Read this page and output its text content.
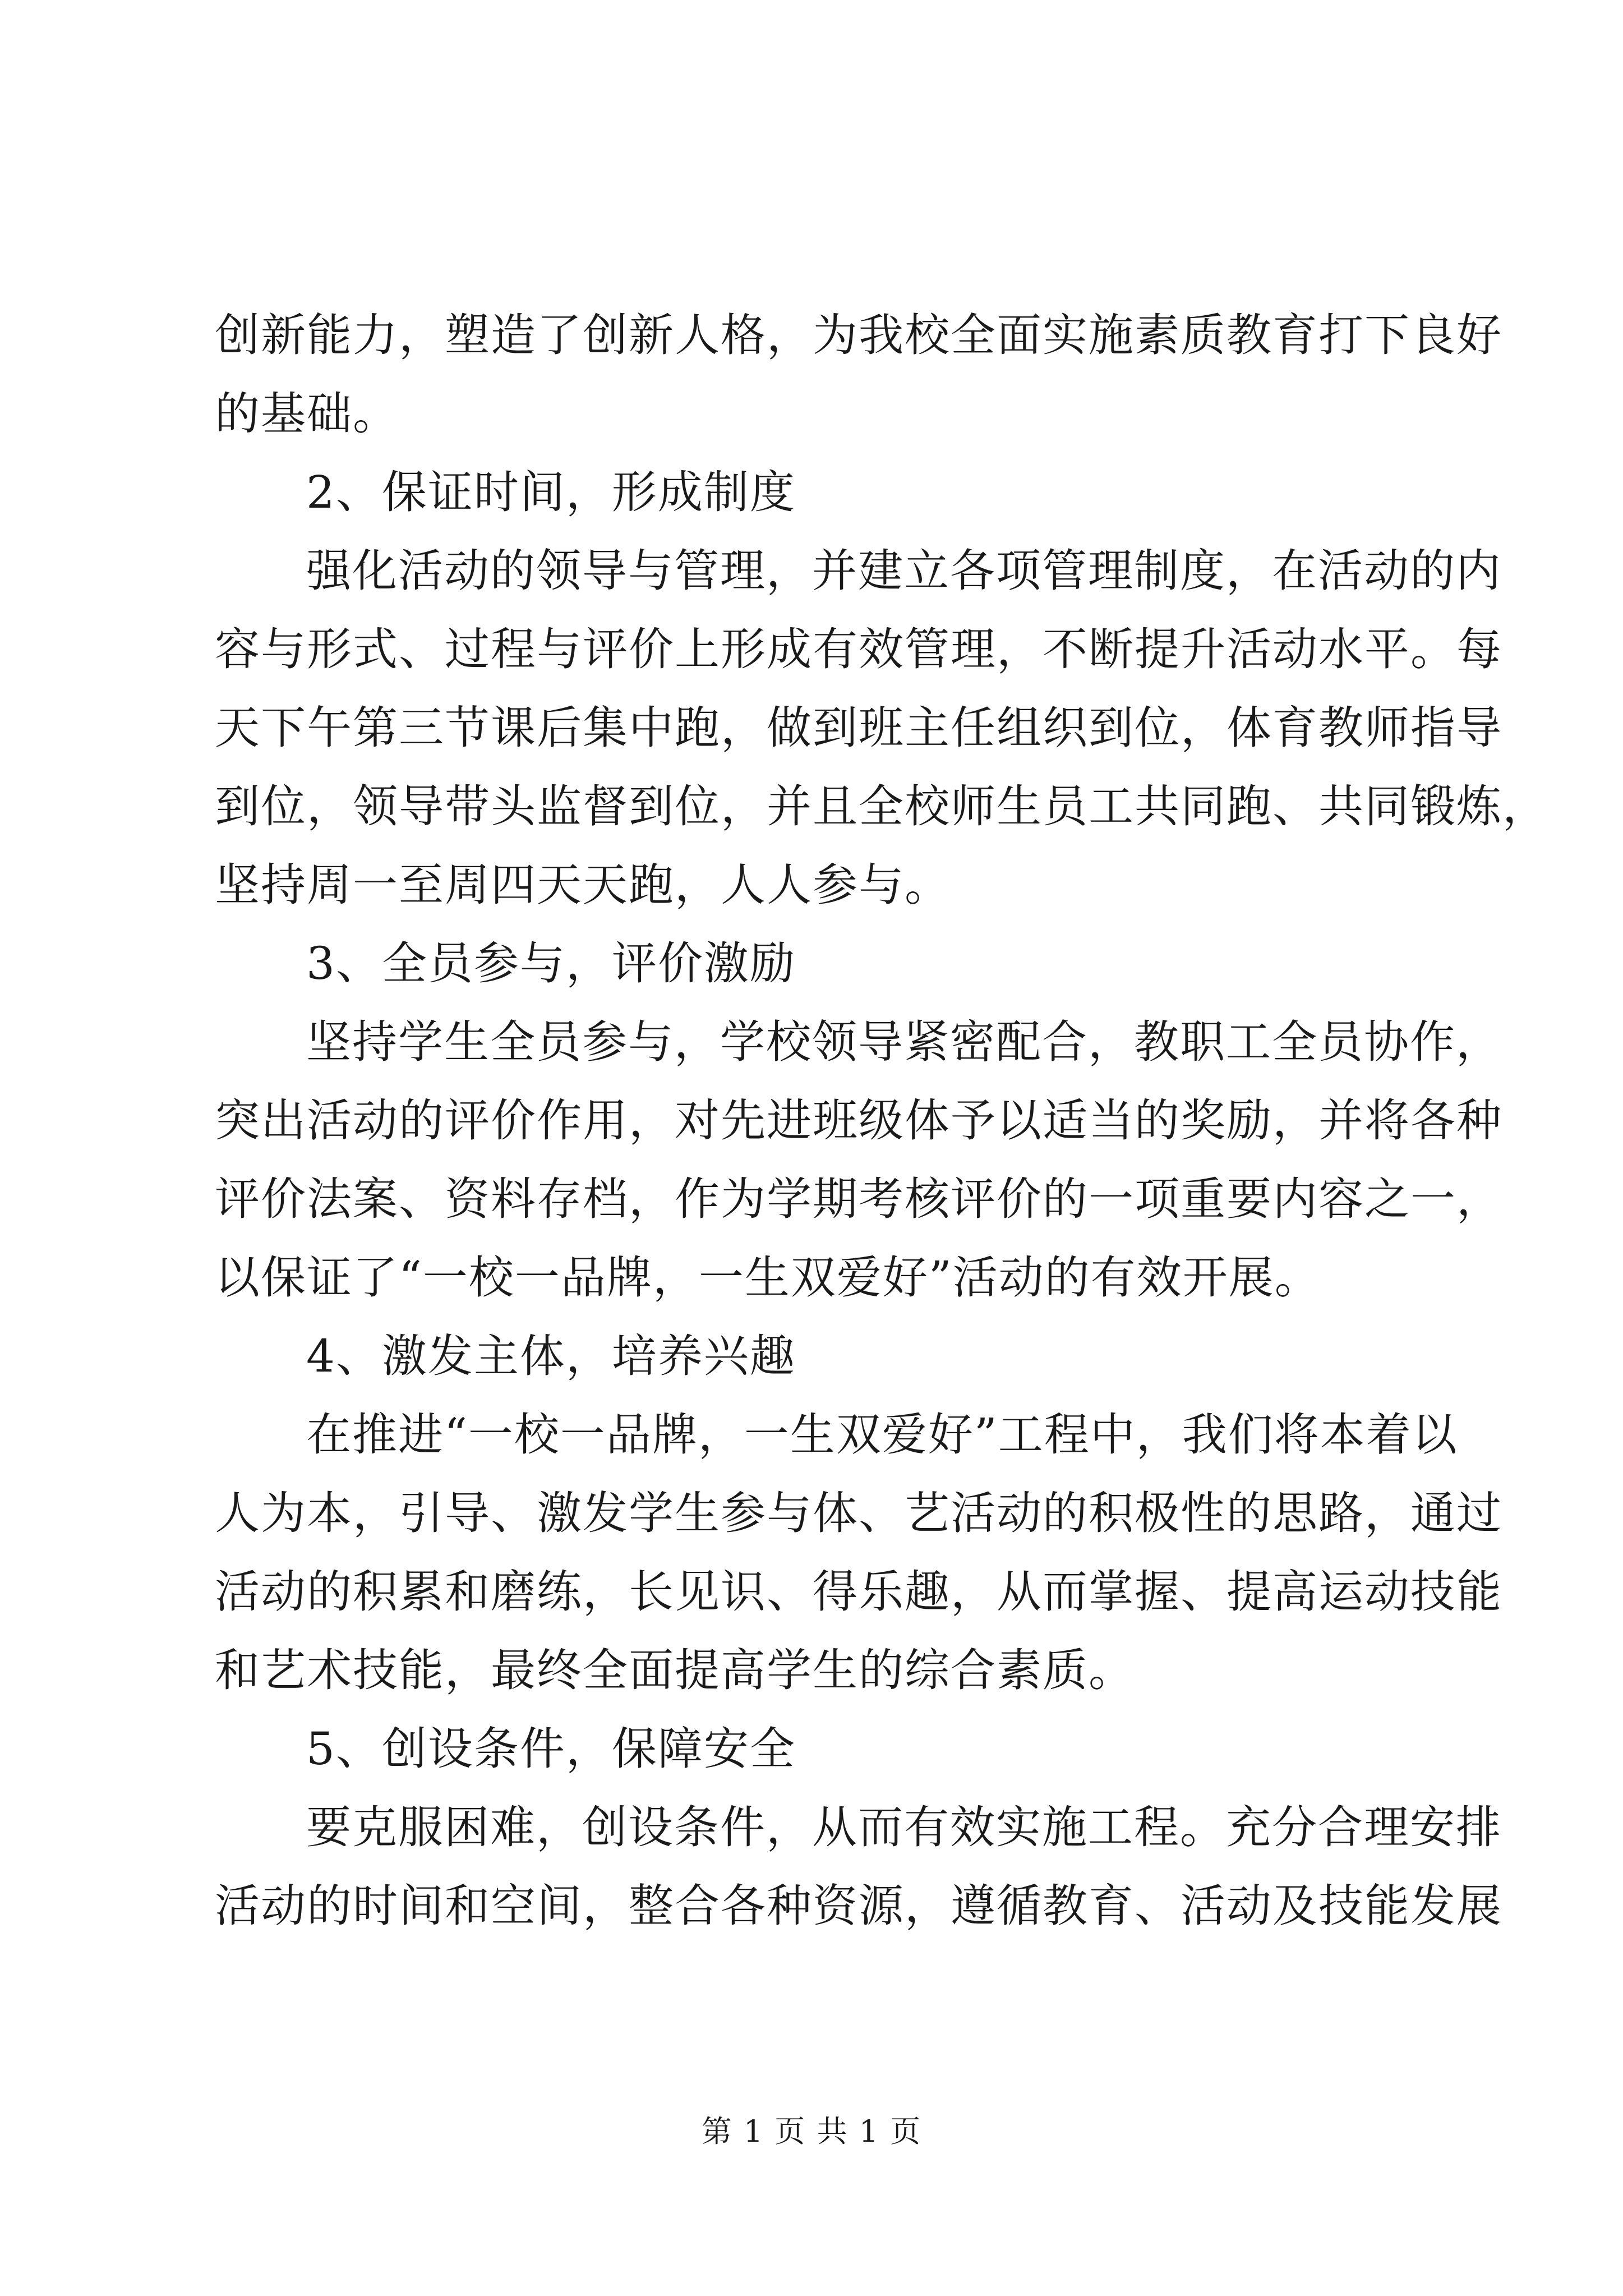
创新能力，塑造了创新人格，为我校全面实施素质教育打下良好
的基础。
2、保证时间，形成制度
强化活动的领导与管理，并建立各项管理制度，在活动的内
容与形式、过程与评价上形成有效管理，不断提升活动水平。每
天下午第三节课后集中跑，做到班主任组织到位，体育教师指导
到位，领导带头监督到位，并且全校师生员工共同跑、共同锻炼，
坚持周一至周四天天跑，人人参与。
3、全员参与，评价激励
坚持学生全员参与，学校领导紧密配合，教职工全员协作，
突出活动的评价作用，对先进班级体予以适当的奖励，并将各种
评价法案、资料存档，作为学期考核评价的一项重要内容之一，
以保证了“一校一品牌，一生双爱好”活动的有效开展。
4、激发主体，培养兴趣
在推进“一校一品牌，一生双爱好”工程中，我们将本着以
人为本，引导、激发学生参与体、艺活动的积极性的思路，通过
活动的积累和磨练，长见识、得乐趣，从而掌握、提高运动技能
和艺术技能，最终全面提高学生的综合素质。
5、创设条件，保障安全
要克服困难，创设条件，从而有效实施工程。充分合理安排
活动的时间和空间，整合各种资源，遵循教育、活动及技能发展
第 1 页 共 1 页
